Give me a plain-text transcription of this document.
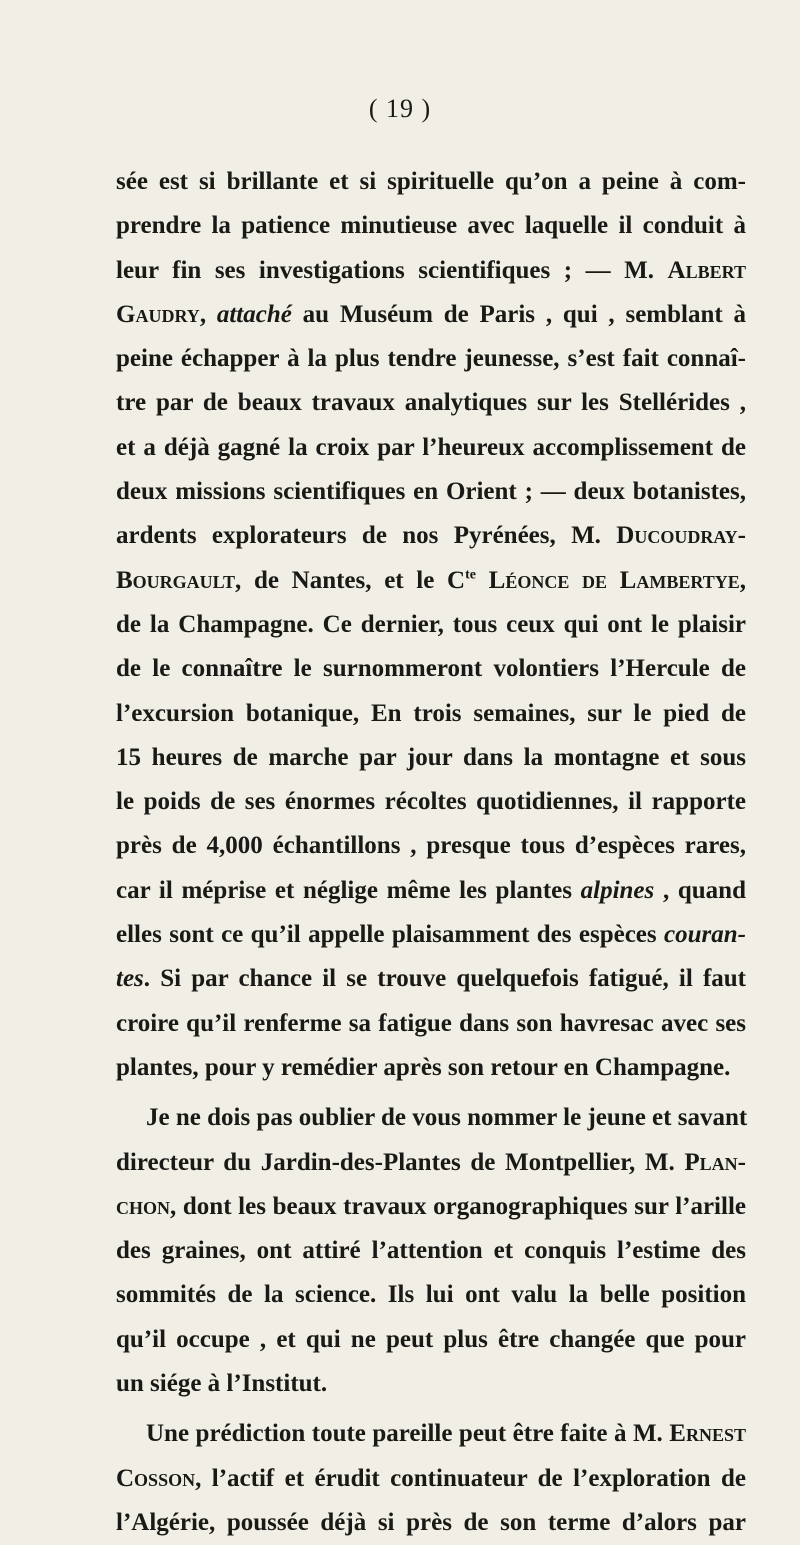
( 19 )
sée est si brillante et si spirituelle qu’on a peine à com-
prendre la patience minutieuse avec laquelle il conduit à
leur fin ses investigations scientifiques ; — M. Albert
Gaudry, attaché au Muséum de Paris , qui , semblant à
peine échapper à la plus tendre jeunesse, s’est fait connaî-
tre par de beaux travaux analytiques sur les Stellérides ,
et a déjà gagné la croix par l’heureux accomplissement de
deux missions scientifiques en Orient ; — deux botanistes,
ardents explorateurs de nos Pyrénées, M. Ducoudray-
Bourgault, de Nantes, et le $C^{te}$ Léonce de Lambertye,
de la Champagne. Ce dernier, tous ceux qui ont le plaisir
de le connaître le surnommeront volontiers l’Hercule de
l’excursion botanique, En trois semaines, sur le pied de
15 heures de marche par jour dans la montagne et sous
le poids de ses énormes récoltes quotidiennes, il rapporte
près de 4,000 échantillons , presque tous d’espèces rares,
car il méprise et néglige même les plantes alpines , quand
elles sont ce qu’il appelle plaisamment des espèces couran-
tes. Si par chance il se trouve quelquefois fatigué, il faut
croire qu’il renferme sa fatigue dans son havresac avec ses
plantes, pour y remédier après son retour en Champagne.
Je ne dois pas oublier de vous nommer le jeune et savant
directeur du Jardin-des-Plantes de Montpellier, M. Plan-
chon, dont les beaux travaux organographiques sur l’arille
des graines, ont attiré l’attention et conquis l’estime des
sommités de la science. Ils lui ont valu la belle position
qu’il occupe , et qui ne peut plus être changée que pour
un siége à l’Institut.
Une prédiction toute pareille peut être faite à M. Ernest
Cosson, l’actif et érudit continuateur de l’exploration de
l’Algérie, poussée déjà si près de son terme d’alors par
